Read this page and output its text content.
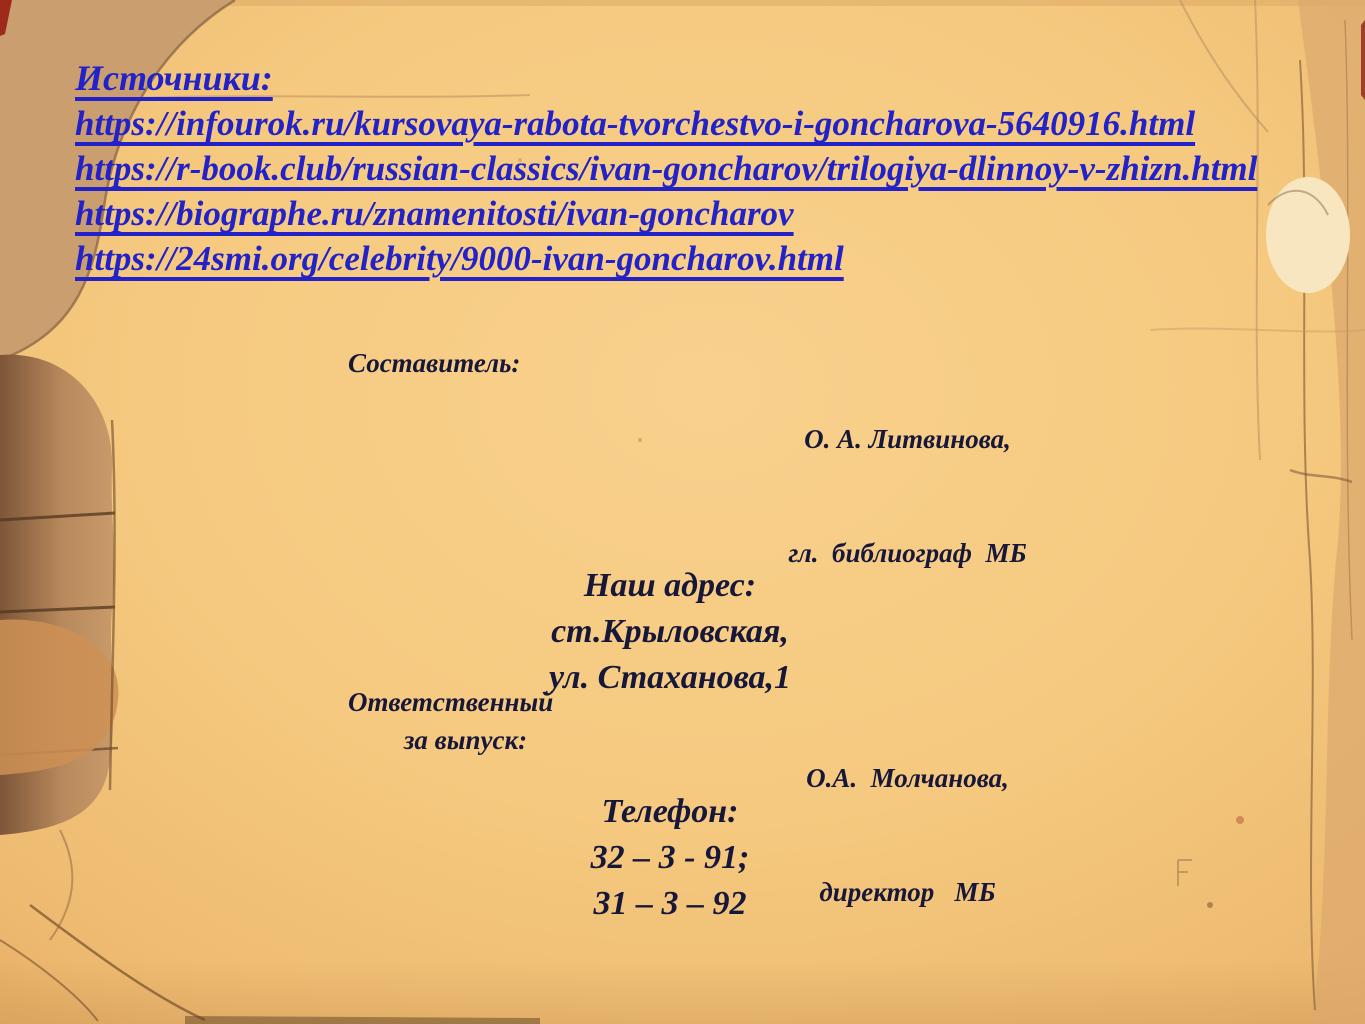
Источники:
https://infourok.ru/kursovaya-rabota-tvorchestvo-i-goncharova-5640916.html
https://r-book.club/russian-classics/ivan-goncharov/trilogiya-dlinnoy-v-zhizn.html
https://biographe.ru/znamenitosti/ivan-goncharov
https://24smi.org/celebrity/9000-ivan-goncharov.html
Составитель:

О. А. Литвинова,

гл.  библиограф  МБ

Ответственный
за выпуск:

О.А.  Молчанова,

директор   МБ

Наш адрес:
ст.Крыловская,
ул. Стаханова,1
Телефон:
32 – 3 - 91;
31 – 3 – 92
